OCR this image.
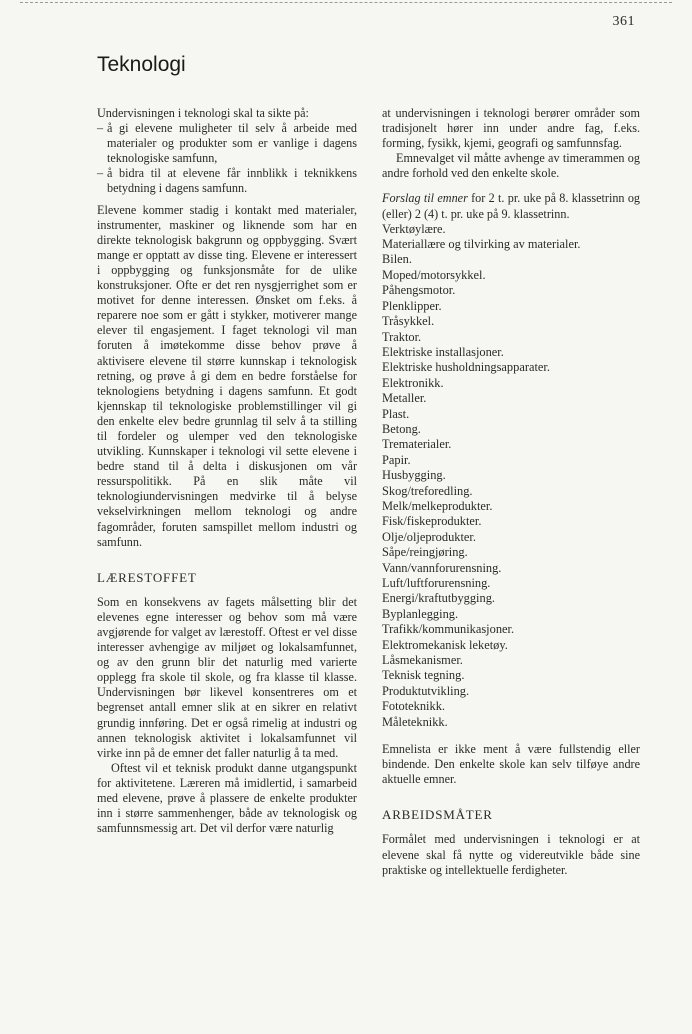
361
Teknologi

Undervisningen i teknologi skal ta sikte på:

– å gi elevene muligheter til selv å arbeide med materialer og produkter som er vanlige i dagens teknologiske samfunn,
– å bidra til at elevene får innblikk i teknikkens betydning i dagens samfunn.

Elevene kommer stadig i kontakt med materialer, instrumenter, maskiner og liknende som har en direkte teknologisk bakgrunn og oppbygging. Svært mange er opptatt av disse ting. Elevene er interessert i oppbygging og funksjonsmåte for de ulike konstruksjoner. Ofte er det ren nysgjerrighet som er motivet for denne interessen. Ønsket om f.eks. å reparere noe som er gått i stykker, motiverer mange elever til engasjement. I faget teknologi vil man foruten å imøtekomme disse behov prøve å aktivisere elevene til større kunnskap i teknologisk retning, og prøve å gi dem en bedre forståelse for teknologiens betydning i dagens samfunn. Et godt kjennskap til teknologiske problemstillinger vil gi den enkelte elev bedre grunnlag til selv å ta stilling til fordeler og ulemper ved den teknologiske utvikling. Kunnskaper i teknologi vil sette elevene i bedre stand til å delta i diskusjonen om vår ressurspolitikk. På en slik måte vil teknologiundervisningen medvirke til å belyse vekselvirkningen mellom teknologi og andre fagområder, foruten samspillet mellom industri og samfunn.

LÆRESTOFFET

Som en konsekvens av fagets målsetting blir det elevenes egne interesser og behov som må være avgjørende for valget av lærestoff. Oftest er vel disse interesser avhengige av miljøet og lokalsamfunnet, og av den grunn blir det naturlig med varierte opplegg fra skole til skole, og fra klasse til klasse. Undervisningen bør likevel konsentreres om et begrenset antall emner slik at en sikrer en relativt grundig innføring. Det er også rimelig at industri og annen teknologisk aktivitet i lokalsamfunnet vil virke inn på de emner det faller naturlig å ta med.

Oftest vil et teknisk produkt danne utgangspunkt for aktivitetene. Læreren må imidlertid, i samarbeid med elevene, prøve å plassere de enkelte produkter inn i større sammenhenger, både av teknologisk og samfunnsmessig art. Det vil derfor være naturlig

at undervisningen i teknologi berører områder som tradisjonelt hører inn under andre fag, f.eks. forming, fysikk, kjemi, geografi og samfunnsfag.

Emnevalget vil måtte avhenge av timerammen og andre forhold ved den enkelte skole.

Forslag til emner for 2 t. pr. uke på 8. klassetrinn og (eller) 2 (4) t. pr. uke på 9. klassetrinn.

Verktøylære.
Materiallære og tilvirking av materialer.
Bilen.
Moped/motorsykkel.
Påhengsmotor.
Plenklipper.
Tråsykkel.
Traktor.
Elektriske installasjoner.
Elektriske husholdningsapparater.
Elektronikk.
Metaller.
Plast.
Betong.
Trematerialer.
Papir.
Husbygging.
Skog/treforedling.
Melk/melkeprodukter.
Fisk/fiskeprodukter.
Olje/oljeprodukter.
Såpe/reingjøring.
Vann/vannforurensning.
Luft/luftforurensning.
Energi/kraftutbygging.
Byplanlegging.
Trafikk/kommunikasjoner.
Elektromekanisk leketøy.
Låsmekanismer.
Teknisk tegning.
Produktutvikling.
Fototeknikk.
Måleteknikk.

Emnelista er ikke ment å være fullstendig eller bindende. Den enkelte skole kan selv tilføye andre aktuelle emner.

ARBEIDSMÅTER

Formålet med undervisningen i teknologi er at elevene skal få nytte og videreutvikle både sine praktiske og intellektuelle ferdigheter.
